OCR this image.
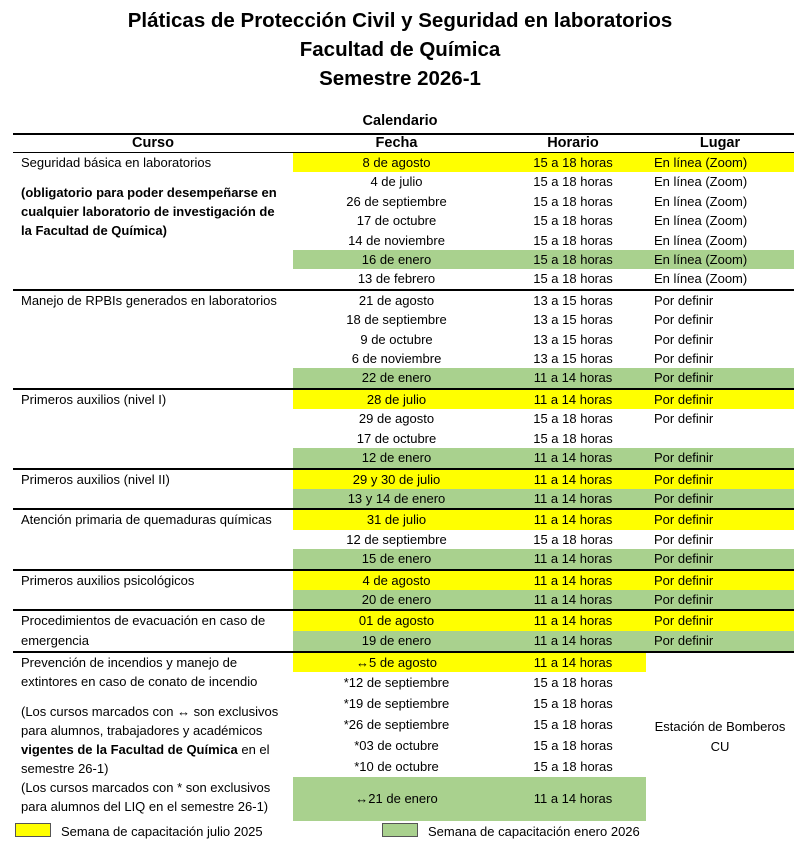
Pláticas de Protección Civil y Seguridad en laboratorios
Facultad de Química
Semestre 2026-1
Calendario
Curso	Fecha	Horario	Lugar
Seguridad básica en laboratorios
(obligatorio para poder desempeñarse en cualquier laboratorio de investigación de la Facultad de Química)	8 de agosto	15 a 18 horas	En línea (Zoom)
	4 de julio	15 a 18 horas	En línea (Zoom)
	26 de septiembre	15 a 18 horas	En línea (Zoom)
	17 de octubre	15 a 18 horas	En línea (Zoom)
	14 de noviembre	15 a 18 horas	En línea (Zoom)
	16 de enero	15 a 18 horas	En línea (Zoom)
	13 de febrero	15 a 18 horas	En línea (Zoom)
Manejo de RPBIs generados en laboratorios	21 de agosto	13 a 15 horas	Por definir
	18 de septiembre	13 a 15 horas	Por definir
	9 de octubre	13 a 15 horas	Por definir
	6 de noviembre	13 a 15 horas	Por definir
	22 de enero	11 a 14 horas	Por definir
Primeros auxilios (nivel I)	28 de julio	11 a 14 horas	Por definir
	29 de agosto	15 a 18 horas	Por definir
	17 de octubre	15 a 18 horas	
	12 de enero	11 a 14 horas	Por definir
Primeros auxilios (nivel II)	29 y 30 de julio	11 a 14 horas	Por definir
	13 y 14 de enero	11 a 14 horas	Por definir
Atención primaria de quemaduras químicas	31 de julio	11 a 14 horas	Por definir
	12 de septiembre	15 a 18 horas	Por definir
	15 de enero	11 a 14 horas	Por definir
Primeros auxilios psicológicos	4 de agosto	11 a 14 horas	Por definir
	20 de enero	11 a 14 horas	Por definir
Procedimientos de evacuación en caso de emergencia	01 de agosto	11 a 14 horas	Por definir
	19 de enero	11 a 14 horas	Por definir
Prevención de incendios y manejo de extintores en caso de conato de incendio
(Los cursos marcados con ↔ son exclusivos para alumnos, trabajadores y académicos vigentes de la Facultad de Química en el semestre 26-1)
(Los cursos marcados con * son exclusivos para alumnos del LIQ en el semestre 26-1)	↔5 de agosto	11 a 14 horas	Estación de Bomberos CU
	*12 de septiembre	15 a 18 horas	
	*19 de septiembre	15 a 18 horas	
	*26 de septiembre	15 a 18 horas	
	*03 de octubre	15 a 18 horas	
	*10 de octubre	15 a 18 horas	
	↔21 de enero	11 a 14 horas	
Semana de capacitación julio 2025	Semana de capacitación enero 2026
